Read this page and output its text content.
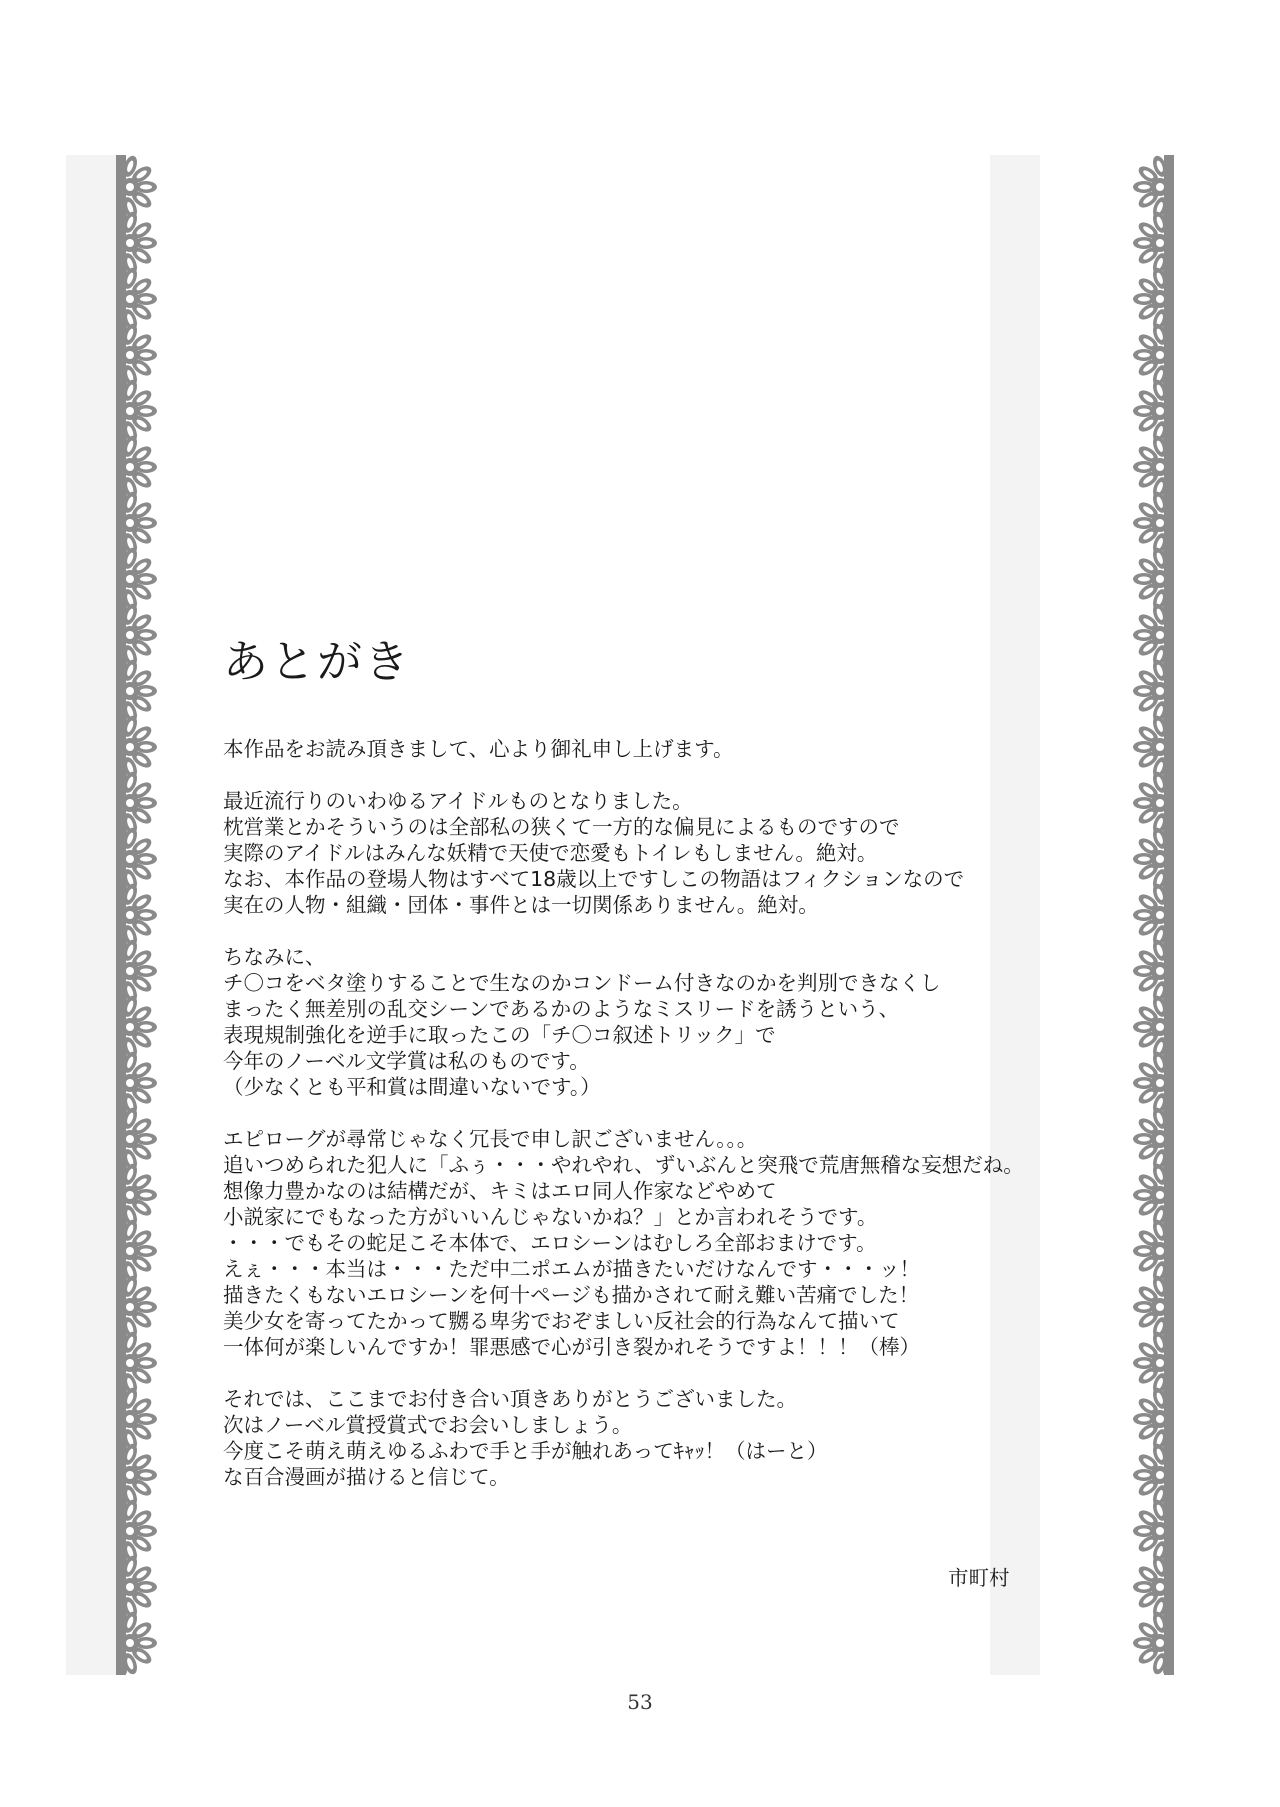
あとがき
本作品をお読み頂きまして、心より御礼申し上げます。
最近流行りのいわゆるアイドルものとなりました。
枕営業とかそういうのは全部私の狭くて一方的な偏見によるものですので
実際のアイドルはみんな妖精で天使で恋愛もトイレもしません。絶対。
なお、本作品の登場人物はすべて18歳以上ですしこの物語はフィクションなので
実在の人物・組織・団体・事件とは一切関係ありません。絶対。
ちなみに、
チ〇コをベタ塗りすることで生なのかコンドーム付きなのかを判別できなくし
まったく無差別の乱交シーンであるかのようなミスリードを誘うという、
表現規制強化を逆手に取ったこの「チ〇コ叙述トリック」で
今年のノーベル文学賞は私のものです。
（少なくとも平和賞は間違いないです。）
エピローグが尋常じゃなく冗長で申し訳ございません。。。
追いつめられた犯人に「ふぅ・・・やれやれ、ずいぶんと突飛で荒唐無稽な妄想だね。
想像力豊かなのは結構だが、キミはエロ同人作家などやめて
小説家にでもなった方がいいんじゃないかね？」とか言われそうです。
・・・でもその蛇足こそ本体で、エロシーンはむしろ全部おまけです。
えぇ・・・本当は・・・ただ中二ポエムが描きたいだけなんです・・・ッ！
描きたくもないエロシーンを何十ページも描かされて耐え難い苦痛でした！
美少女を寄ってたかって嬲る卑劣でおぞましい反社会的行為なんて描いて
一体何が楽しいんですか！罪悪感で心が引き裂かれそうですよ！！！（棒）
それでは、ここまでお付き合い頂きありがとうございました。
次はノーベル賞授賞式でお会いしましょう。
今度こそ萌え萌えゆるふわで手と手が触れあってｷｬｯ！（はーと）
な百合漫画が描けると信じて。
市町村
53
